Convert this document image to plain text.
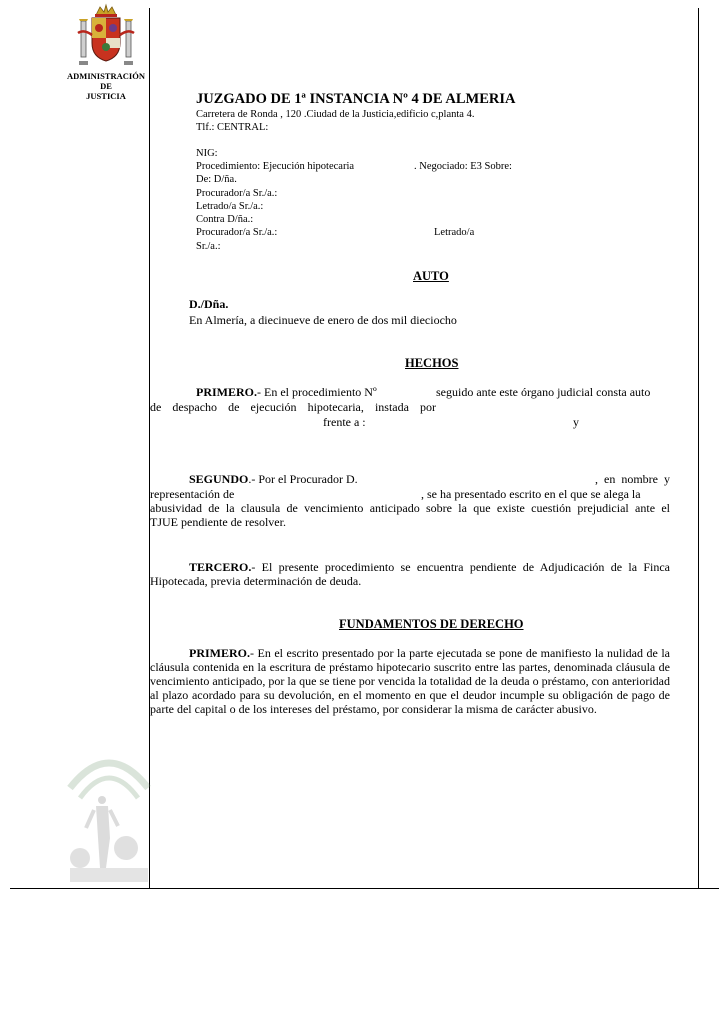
ADMINISTRACIÓN
DE
JUSTICIA	JUZGADO DE 1ª INSTANCIA Nº 4 DE ALMERIA
Carretera de Ronda , 120 .Ciudad de la Justicia,edificio c,planta 4.
Tlf.: CENTRAL:
NIG:
Procedimiento: Ejecución hipotecaria	. Negociado: E3 Sobre:
De: D/ña.
Procurador/a Sr./a.:
Letrado/a Sr./a.:
Contra D/ña.:
Procurador/a Sr./a.:	Letrado/a
Sr./a.:
AUTO
D./Dña.
En Almería, a diecinueve de enero de dos mil dieciocho
HECHOS
PRIMERO.- En el procedimiento Nº	seguido ante este órgano judicial consta auto
de despacho de ejecución hipotecaria, instada por
frente a :	y
SEGUNDO.- Por el Procurador D.	, en nombre y
representación de	, se ha presentado escrito en el que se alega la
abusividad de la clausula de vencimiento anticipado sobre la que existe cuestión prejudicial ante el
TJUE pendiente de resolver.
TERCERO.- El presente procedimiento se encuentra pendiente de Adjudicación de la Finca Hipotecada, previa determinación de deuda.
FUNDAMENTOS DE DERECHO
PRIMERO.- En el escrito presentado por la parte ejecutada se pone de manifiesto la nulidad de la cláusula contenida en la escritura de préstamo hipotecario suscrito entre las partes, denominada cláusula de vencimiento anticipado, por la que se tiene por vencida la totalidad de la deuda o préstamo, con anterioridad al plazo acordado para su devolución, en el momento en que el deudor incumple su obligación de pago de parte del capital o de los intereses del préstamo, por considerar la misma de carácter abusivo.
